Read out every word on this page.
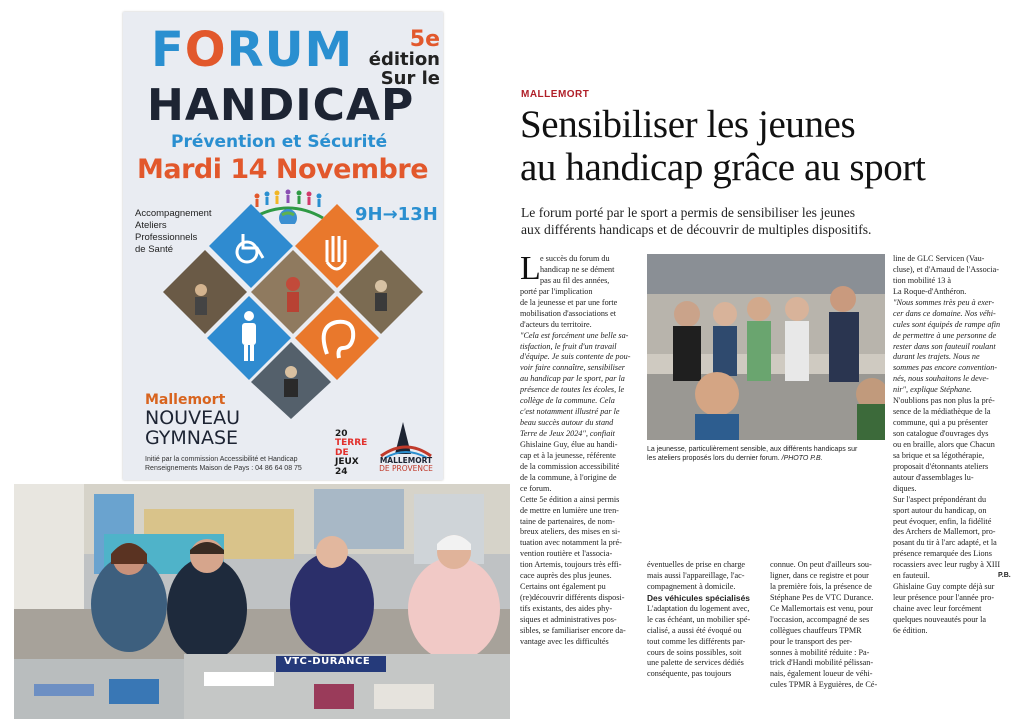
FORUM	5e
édition
Sur le
HANDICAP
Prévention et Sécurité
Mardi 14 Novembre
9H→13H
Accompagnement
Ateliers
Professionnels
de Santé
Mallemort
NOUVEAU
GYMNASE
Initié par la commission Accessibilité et Handicap
Renseignements Maison de Pays : 04 86 64 08 75
20
TERRE
DE
JEUX
24
MALLEMORT
DE PROVENCE
VTC-DURANCE
MALLEMORT
Sensibiliser les jeunes
au handicap grâce au sport
Le forum porté par le sport a permis de sensibiliser les jeunes
aux différents handicaps et de découvrir de multiples dispositifs.
L e succès du forum du
handicap ne se dément
pas au fil des années,
porté par l'implication
de la jeunesse et par une forte
mobilisation d'associations et
d'acteurs du territoire.
"Cela est forcément une belle sa-
tisfaction, le fruit d'un travail
d'équipe. Je suis contente de pou-
voir faire connaître, sensibiliser
au handicap par le sport, par la
présence de toutes les écoles, le
collège de la commune. Cela
c'est notamment illustré par le
beau succès autour du stand
Terre de Jeux 2024", confiait
Ghislaine Guy, élue au handi-
cap et à la jeunesse, référente
de la commission accessibilité
de la commune, à l'origine de
ce forum.
Cette 5e édition a ainsi permis
de mettre en lumière une tren-
taine de partenaires, de nom-
breux ateliers, des mises en si-
tuation avec notamment la pré-
vention routière et l'associa-
tion Artemis, toujours très effi-
cace auprès des plus jeunes.
Certains ont également pu
(re)découvrir différents disposi-
tifs existants, des aides phy-
siques et administratives pos-
sibles, se familiariser encore da-
vantage avec les difficultés
La jeunesse, particulièrement sensible, aux différents handicaps sur
les ateliers proposés lors du dernier forum. /PHOTO P.B.
éventuelles de prise en charge
mais aussi l'appareillage, l'ac-
compagnement à domicile.
Des véhicules spécialisés
L'adaptation du logement avec,
le cas échéant, un mobilier spé-
cialisé, a aussi été évoqué ou
tout comme les différents par-
cours de soins possibles, soit
une palette de services dédiés
conséquente, pas toujours
connue. On peut d'ailleurs sou-
ligner, dans ce registre et pour
la première fois, la présence de
Stéphane Pes de VTC Durance.
Ce Mallemortais est venu, pour
l'occasion, accompagné de ses
collègues chauffeurs TPMR
pour le transport des per-
sonnes à mobilité réduite : Pa-
trick d'Handi mobilité pélissan-
nais, également loueur de véhi-
cules TPMR à Eyguières, de Cé-
line de GLC Servicen (Vau-
cluse), et d'Arnaud de l'Associa-
tion mobilité 13 à
La Roque-d'Anthéron.
"Nous sommes très peu à exer-
cer dans ce domaine. Nos véhi-
cules sont équipés de rampe afin
de permettre à une personne de
rester dans son fauteuil roulant
durant les trajets. Nous ne
sommes pas encore convention-
nés, nous souhaitons le deve-
nir", explique Stéphane.
N'oublions pas non plus la pré-
sence de la médiathèque de la
commune, qui a pu présenter
son catalogue d'ouvrages dys
ou en braille, alors que Chacun
sa brique et sa légothérapie,
proposait d'étonnants ateliers
autour d'assemblages lu-
diques.
Sur l'aspect prépondérant du
sport autour du handicap, on
peut évoquer, enfin, la fidélité
des Archers de Mallemort, pro-
posant du tir à l'arc adapté, et la
présence remarquée des Lions
rocassiers avec leur rugby à XIII
en fauteuil.
Ghislaine Guy compte déjà sur
leur présence pour l'année pro-
chaine avec leur forcément
quelques nouveautés pour la
6e édition.
P.B.
